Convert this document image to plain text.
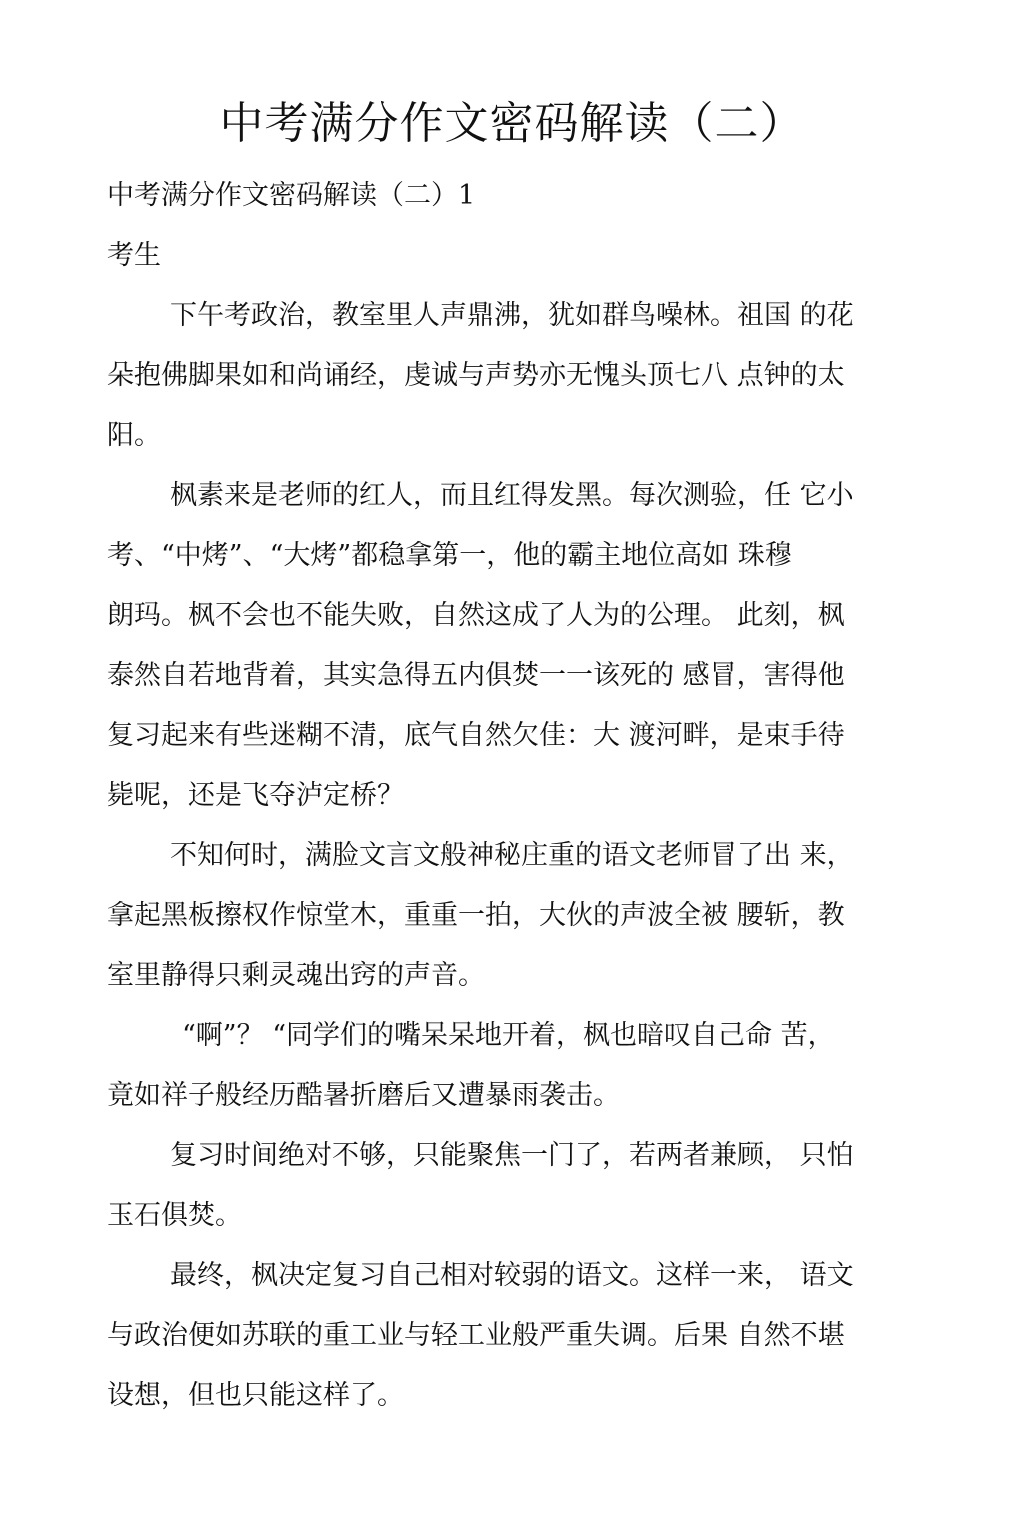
中考满分作文密码解读（二）

中考满分作文密码解读（二）1

考生

下午考政治，教室里人声鼎沸，犹如群鸟噪林。祖国 的花

朵抱佛脚果如和尚诵经，虔诚与声势亦无愧头顶七八 点钟的太

阳。

枫素来是老师的红人，而且红得发黑。每次测验，任 它小

考、“中烤”、“大烤”都稳拿第一，他的霸主地位高如 珠穆

朗玛。枫不会也不能失败，自然这成了人为的公理。 此刻，枫

泰然自若地背着，其实急得五内俱焚一一该死的 感冒，害得他

复习起来有些迷糊不清，底气自然欠佳：大 渡河畔，是束手待

毙呢，还是飞夺泸定桥？

不知何时，满脸文言文般神秘庄重的语文老师冒了出 来，

拿起黑板擦权作惊堂木，重重一拍，大伙的声波全被 腰斩，教

室里静得只剩灵魂出窍的声音。

“啊”？ “同学们的嘴呆呆地开着，枫也暗叹自己命 苦，

竟如祥子般经历酷暑折磨后又遭暴雨袭击。

复习时间绝对不够，只能聚焦一门了，若两者兼顾， 只怕

玉石俱焚。

最终，枫决定复习自己相对较弱的语文。这样一来， 语文

与政治便如苏联的重工业与轻工业般严重失调。后果 自然不堪

设想，但也只能这样了。
